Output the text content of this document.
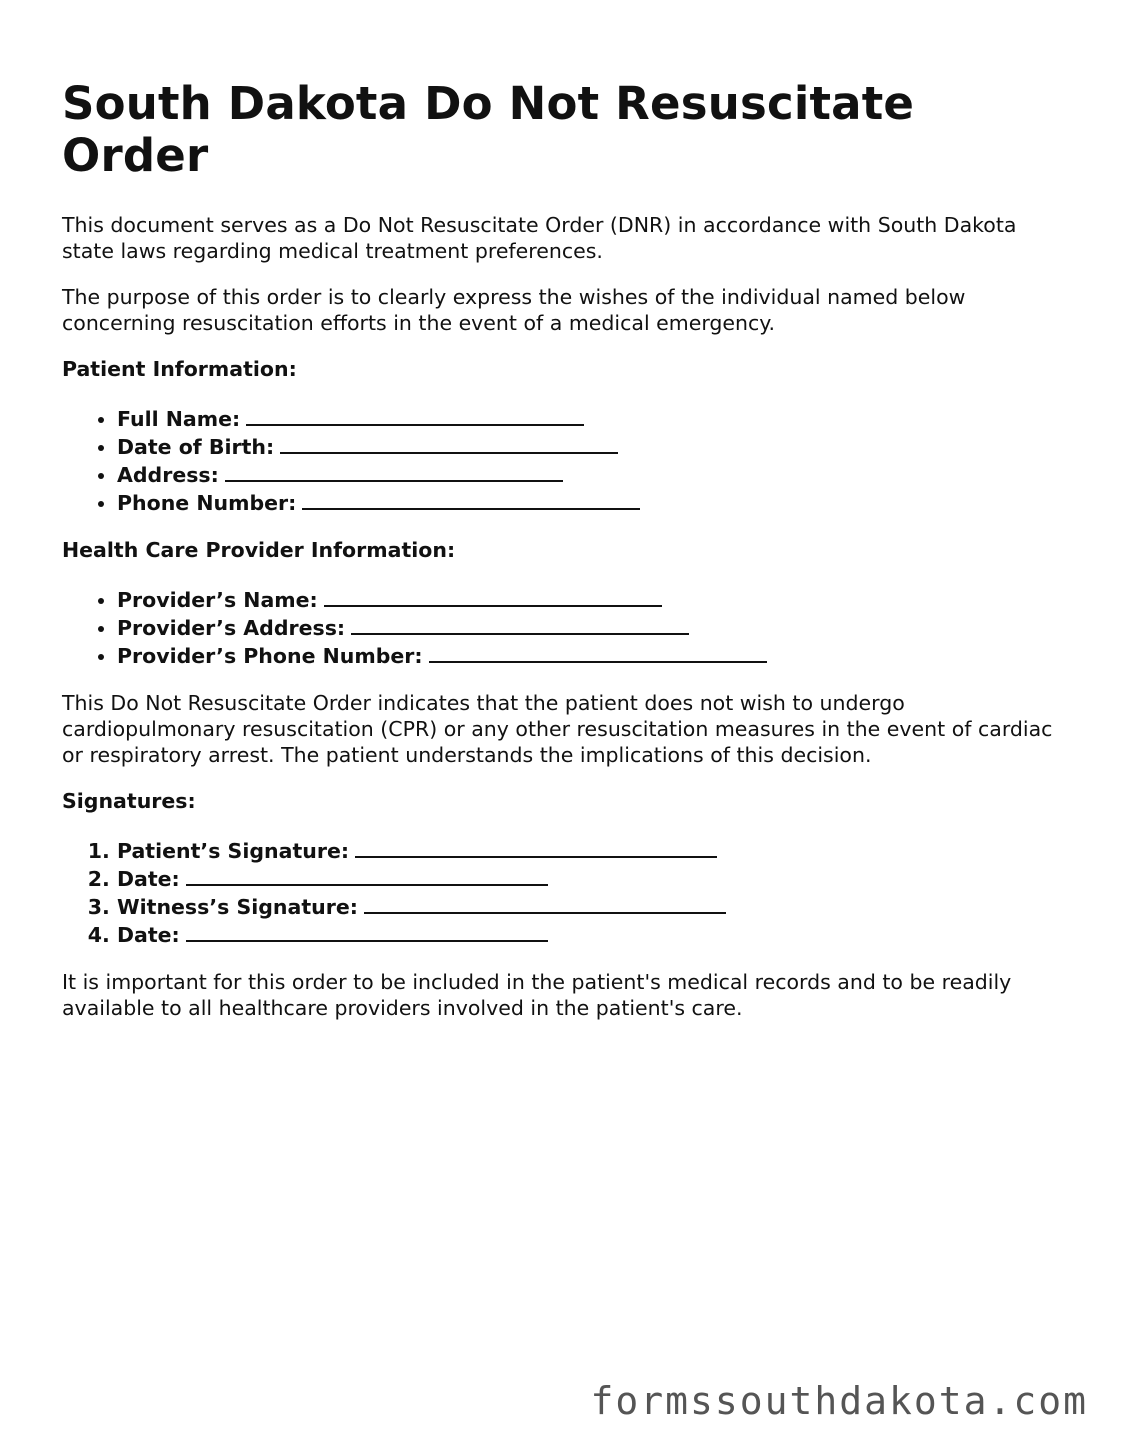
South Dakota Do Not Resuscitate Order

This document serves as a Do Not Resuscitate Order (DNR) in accordance with South Dakota state laws regarding medical treatment preferences.

The purpose of this order is to clearly express the wishes of the individual named below concerning resuscitation efforts in the event of a medical emergency.

Patient Information:

• Full Name:
• Date of Birth:
• Address:
• Phone Number:

Health Care Provider Information:

• Provider’s Name:
• Provider’s Address:
• Provider’s Phone Number:

This Do Not Resuscitate Order indicates that the patient does not wish to undergo cardiopulmonary resuscitation (CPR) or any other resuscitation measures in the event of cardiac or respiratory arrest. The patient understands the implications of this decision.

Signatures:

1. Patient’s Signature:
2. Date:
3. Witness’s Signature:
4. Date:

It is important for this order to be included in the patient's medical records and to be readily available to all healthcare providers involved in the patient's care.

formssouthdakota.com
